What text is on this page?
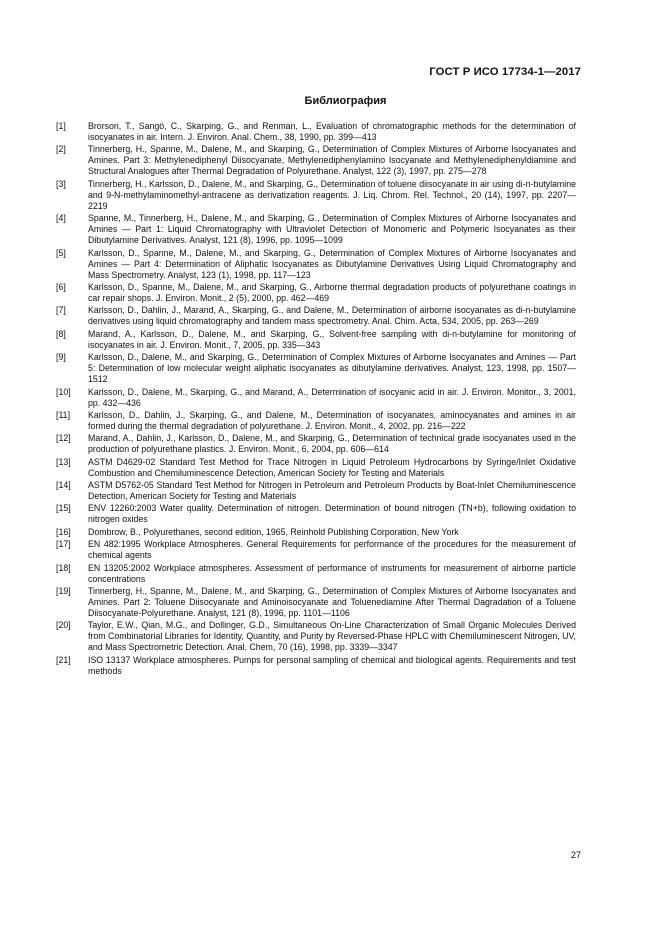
ГОСТ Р ИСО 17734-1—2017
Библиография
[1]	Brorson, T., Sangö, C., Skarping, G., and Renman, L., Evaluation of chromatographic methods for the determination of isocyanates in air. Intern. J. Environ. Anal. Chem., 38, 1990, pp. 399—413
[2]	Tinnerberg, H., Spanne, M., Dalene, M., and Skarping, G., Determination of Complex Mixtures of Airborne Isocyanates and Amines. Part 3: Methylenediphenyl Diisocyanate, Methylenediphenylamino Isocyanate and Methylenediphenyldiamine and Structural Analogues after Thermal Degradation of Polyurethane. Analyst, 122 (3), 1997, pp. 275—278
[3]	Tinnerberg, H., Karlsson, D., Dalene, M., and Skarping, G., Determination of toluene diisocyanate in air using di-n-butylamine and 9-N-methylaminomethyl-antracene as derivatization reagents. J. Liq. Chrom. Rel. Technol., 20 (14), 1997, pp. 2207—2219
[4]	Spanne, M., Tinnerberg, H., Dalene, M., and Skarping, G., Determination of Complex Mixtures of Airborne Isocyanates and Amines — Part 1: Liquid Chromatography with Ultraviolet Detection of Monomeric and Polymeric Isocyanates as their Dibutylamine Derivatives. Analyst, 121 (8), 1996, pp. 1095—1099
[5]	Karlsson, D., Spanne, M., Dalene, M., and Skarping, G., Determination of Complex Mixtures of Airborne Isocyanates and Amines — Part 4: Determination of Aliphatic Isocyanates as Dibutylamine Derivatives Using Liquid Chromatography and Mass Spectrometry. Analyst, 123 (1), 1998, pp. 117—123
[6]	Karlsson, D., Spanne, M., Dalene, M., and Skarping, G., Airborne thermal degradation products of polyurethane coatings in car repair shops. J. Environ. Monit., 2 (5), 2000, pp. 462—469
[7]	Karlsson, D., Dahlin, J., Marand, A., Skarping, G., and Dalene, M., Determination of airborne isocyanates as di-n-butylamine derivatives using liquid chromatography and tandem mass spectrometry. Anal. Chim. Acta, 534, 2005, pp. 263—269
[8]	Marand, A., Karlsson, D., Dalene, M., and Skarping, G., Solvent-free sampling with di-n-butylamine for monitoring of isocyanates in air. J. Environ. Monit., 7, 2005, pp. 335—343
[9]	Karlsson, D., Dalene, M., and Skarping, G., Determination of Complex Mixtures of Airborne Isocyanates and Amines — Part 5: Determination of low molecular weight aliphatic isocyanates as dibutylamine derivatives. Analyst, 123, 1998, pp. 1507—1512
[10]	Karlsson, D., Dalene, M., Skarping, G., and Marand, A., Determination of isocyanic acid in air. J. Environ. Monitor., 3, 2001, pp. 432—436
[11]	Karlsson, D., Dahlin, J., Skarping, G., and Dalene, M., Determination of isocyanates, aminocyanates and amines in air formed during the thermal degradation of polyurethane. J. Environ. Monit., 4, 2002, pp. 216—222
[12]	Marand, A., Dahlin, J., Karlsson, D., Dalene, M., and Skarping, G., Determination of technical grade isocyanates used in the production of polyurethane plastics. J. Environ. Monit., 6, 2004, pp. 606—614
[13]	ASTM D4629-02 Standard Test Method for Trace Nitrogen in Liquid Petroleum Hydrocarbons by Syringe/Inlet Oxidative Combustion and Chemiluminescence Detection, American Society for Testing and Materials
[14]	ASTM D5762-05 Standard Test Method for Nitrogen in Petroleum and Petroleum Products by Boat-Inlet Chemiluminescence Detection, American Society for Testing and Materials
[15]	ENV 12260:2003 Water quality. Determination of nitrogen. Determination of bound nitrogen (TN+b), following oxidation to nitrogen oxides
[16]	Dombrow, B., Polyurethanes, second edition, 1965, Reinhold Publishing Corporation, New York
[17]	EN 482:1995 Workplace Atmospheres. General Requirements for performance of the procedures for the measurement of chemical agents
[18]	EN 13205:2002 Workplace atmospheres. Assessment of performance of instruments for measurement of airborne particle concentrations
[19]	Tinnerberg, H., Spanne, M., Dalene, M., and Skarping, G., Determination of Complex Mixtures of Airborne Isocyanates and Amines. Part 2: Toluene Diisocyanate and Aminoisocyanate and Toluenediamine After Thermal Dagradation of a Toluene Diisocyanate-Polyurethane. Analyst, 121 (8), 1996, pp. 1101—1106
[20]	Taylor, E.W., Qian, M.G., and Dollinger, G.D., Simultaneous On-Line Characterization of Small Organic Molecules Derived from Combinatorial Libraries for Identity, Quantity, and Purity by Reversed-Phase HPLC with Chemiluminescent Nitrogen, UV, and Mass Spectrometric Detection. Anal. Chem, 70 (16), 1998, pp. 3339—3347
[21]	ISO 13137 Workplace atmospheres. Pumps for personal sampling of chemical and biological agents. Requirements and test methods
27
